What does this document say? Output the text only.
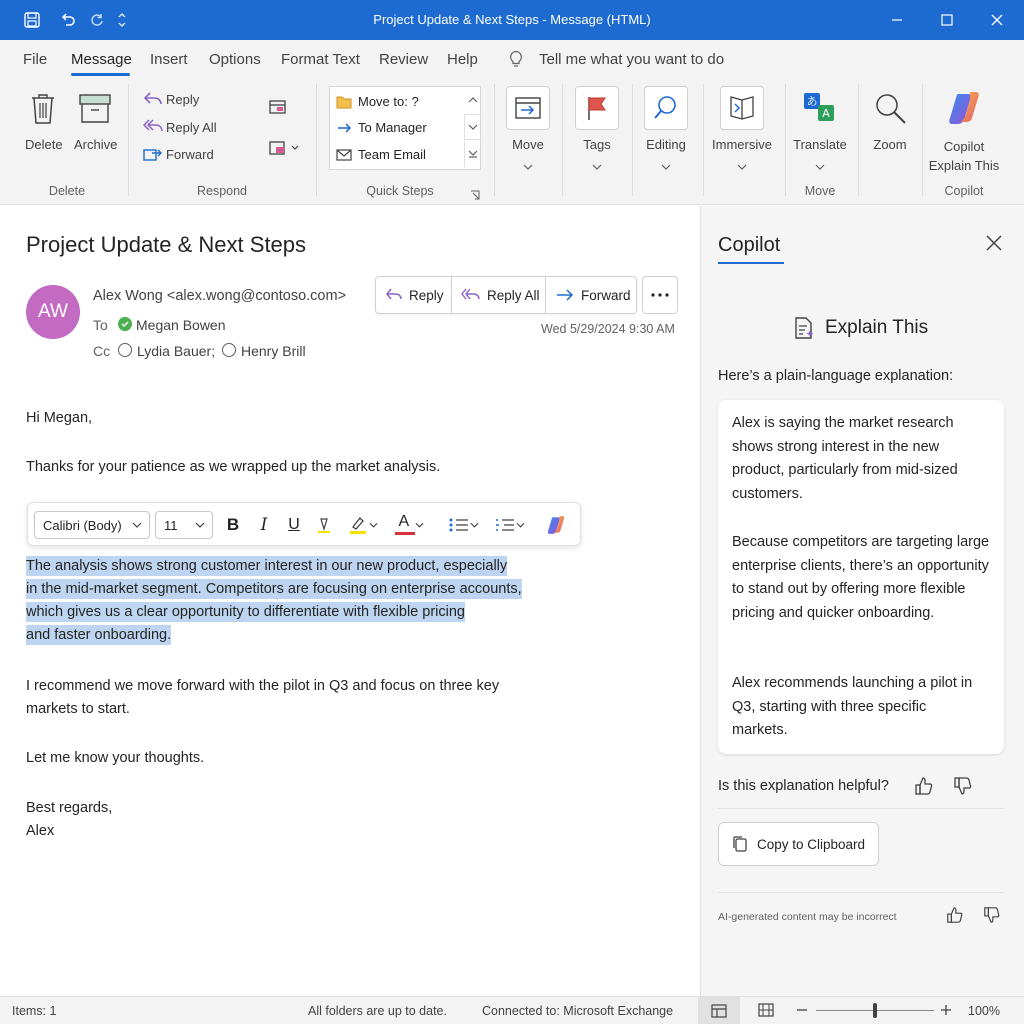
Project Update & Next Steps - Message (HTML)
File Message Insert Options Format Text Review Help	Tell me what you want to do
Delete Archive
Delete
Reply
Reply All
Forward
Respond
Move to: ?
To Manager
Team Email
Quick Steps
Move	Tags	Editing	Immersive
あ
A
Translate
Move
Zoom	Copilot
Explain This
Copilot
Project Update & Next Steps
AW
Alex Wong <alex.wong@contoso.com>
To Megan Bowen
Cc Lydia Bauer; Henry Brill
Reply	Reply All	Forward
Wed 5/29/2024 9:30 AM
Hi Megan,
Thanks for your patience as we wrapped up the market analysis.
The analysis shows strong customer interest in our new product, especially
in the mid-market segment. Competitors are focusing on enterprise accounts,
which gives us a clear opportunity to differentiate with flexible pricing
and faster onboarding.
I recommend we move forward with the pilot in Q3 and focus on three key
markets to start.
Let me know your thoughts.
Best regards,
Alex
Calibri (Body)	11	B	I	U	A
Copilot
Explain This
Here’s a plain-language explanation:
Alex is saying the market research shows strong interest in the new product, particularly from mid-sized customers.
Because competitors are targeting large enterprise clients, there’s an opportunity to stand out by offering more flexible pricing and quicker onboarding.
Alex recommends launching a pilot in Q3, starting with three specific markets.
Is this explanation helpful?
Copy to Clipboard
AI-generated content may be incorrect
Items: 1	All folders are up to date.	Connected to: Microsoft Exchange	100%
